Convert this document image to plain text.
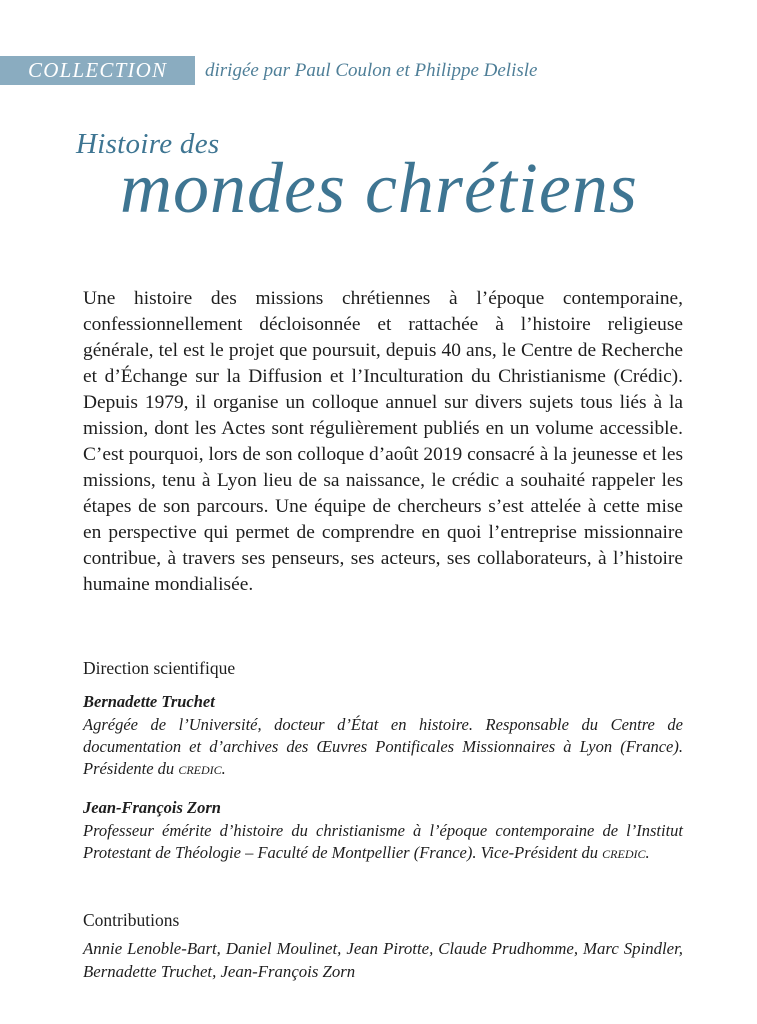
COLLECTION dirigée par Paul Coulon et Philippe Delisle
Histoire des
mondes chrétiens
Une histoire des missions chrétiennes à l’époque contemporaine, confessionnellement décloisonnée et rattachée à l’histoire religieuse générale, tel est le projet que poursuit, depuis 40 ans, le Centre de Recherche et d’Échange sur la Diffusion et l’Inculturation du Christianisme (Crédic). Depuis 1979, il organise un colloque annuel sur divers sujets tous liés à la mission, dont les Actes sont régulièrement publiés en un volume accessible. C’est pourquoi, lors de son colloque d’août 2019 consacré à la jeunesse et les missions, tenu à Lyon lieu de sa naissance, le crédic a souhaité rappeler les étapes de son parcours. Une équipe de chercheurs s’est attelée à cette mise en perspective qui permet de comprendre en quoi l’entreprise missionnaire contribue, à travers ses penseurs, ses acteurs, ses collaborateurs, à l’histoire humaine mondialisée.
Direction scientifique
Bernadette Truchet
Agrégée de l’Université, docteur d’État en histoire. Responsable du Centre de documentation et d’archives des Œuvres Pontificales Missionnaires à Lyon (France). Présidente du credic.
Jean-François Zorn
Professeur émérite d’histoire du christianisme à l’époque contemporaine de l’Institut Protestant de Théologie – Faculté de Montpellier (France). Vice-Président du credic.
Contributions
Annie Lenoble-Bart, Daniel Moulinet, Jean Pirotte, Claude Prudhomme, Marc Spindler, Bernadette Truchet, Jean-François Zorn
